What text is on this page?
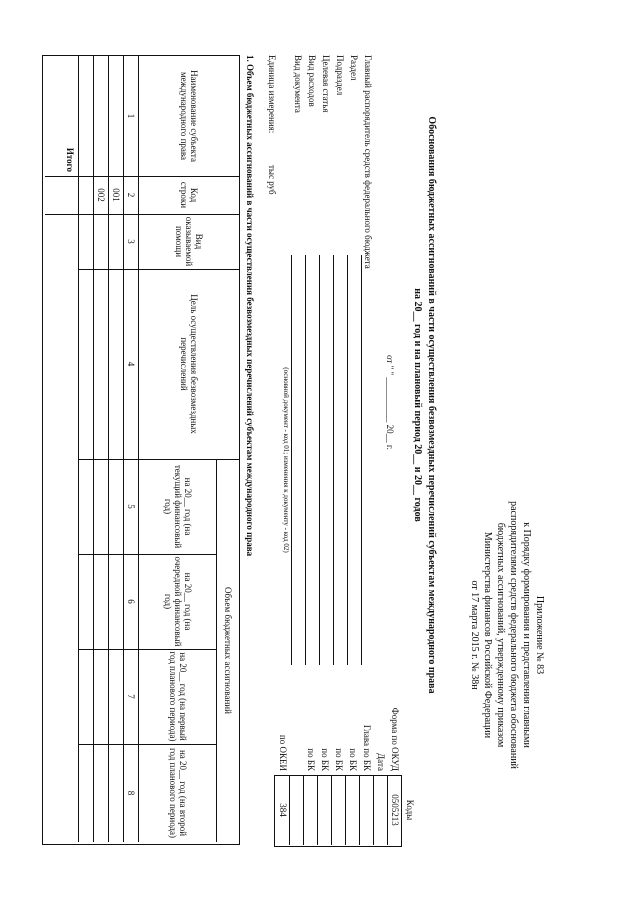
Приложение № 83
к Порядку формирования и представления главными
распорядителями средств федерального бюджета обоснований
бюджетных ассигнований, утвержденному приказом
Министерства финансов Российской Федерации
от 17 марта 2015 г. № 38н
Обоснования бюджетных ассигнований в части осуществления безвозмездных перечислений субъектам международного права
на 20__ год и на плановый период 20__ и 20__ годов
Коды
Форма по ОКУД
0505213
Дата
Глава по БК
по БК
по БК
по БК
по БК
по ОКЕИ
384
от " " __________ 20__ г.
Главный распорядитель средств федерального бюджета
Раздел
Подраздел
Целевая статья
Вид расходов
Вид документа
(основной документ - код 01; изменения к документу - код 02)
Единица измерения:
тыс руб
1. Объем бюджетных ассигнований в части осуществления безвозмездных перечислений субъектам международного права
Наименование субъекта международного права
Код строки
Вид оказываемой помощи
Цель осуществления безвозмездных перечислений
Объем бюджетных ассигнований
на 20__ год (на текущий финансовый год)
на 20__ год (на очередной финансовый год)
на 20__ год (на первый год планового периода)
на 20__ год (на второй год планового периода)
1
2
3
4
5
6
7
8
001
002
Итого
